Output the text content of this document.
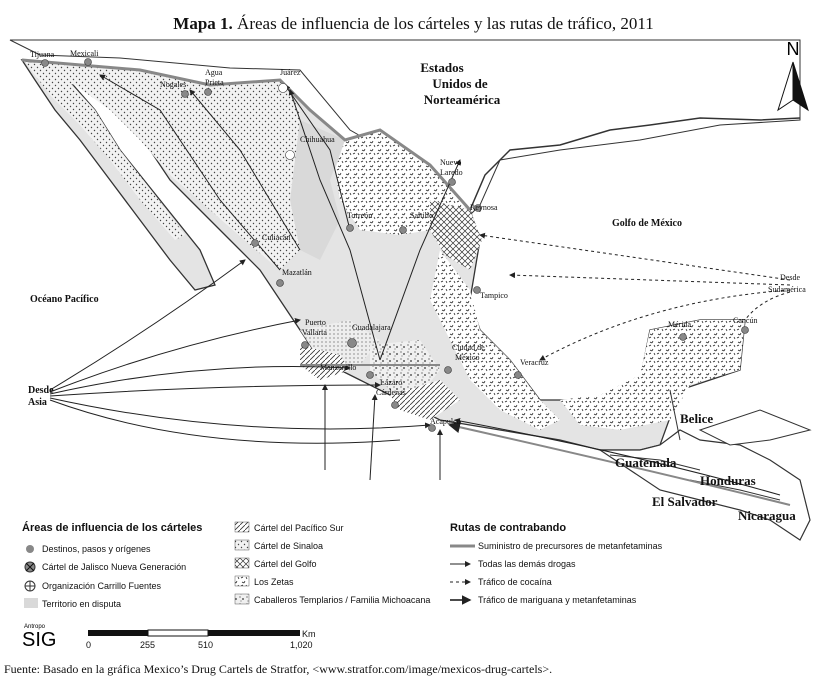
Mapa 1. Áreas de influencia de los cárteles y las rutas de tráfico, 2011
Estados
Unidos de
Norteamérica
Golfo de México
Océano Pacífico
Belice
Guatemala
Honduras
El Salvador
Nicaragua
Desde
Asia
Desde
Sudamérica
Tijuana Mexicali
Nogales
Agua
Prieta
Juárez
Chihuahua
Nuevo
Laredo
Reynosa
Torreón	Saltillo
Culiacán
Mazatlán
Tampico
Puerto
Vallarta
Guadalajara
Ciudad de
México
Veracruz
Mérida	Cancún
Manzanillo
Lázaro
Cárdenas
Acapulco
N
Áreas de influencia de los cárteles
Destinos, pasos y orígenes
Cártel de Jalisco Nueva Generación
Organización Carrillo Fuentes
Territorio en disputa
Cártel del Pacífico Sur
Cártel de Sinaloa
Cártel del Golfo
Los Zetas
Caballeros Templarios / Familia Michoacana
Rutas de contrabando
Suministro de precursores de metanfetaminas
Todas las demás drogas
Tráfico de cocaína
Tráfico de mariguana y metanfetaminas
Antropo
SIG	0	255	510	1,020
Km
Fuente: Basado en la gráfica Mexico’s Drug Cartels de Stratfor, <www.stratfor.com/image/mexicos-drug-cartels>.
